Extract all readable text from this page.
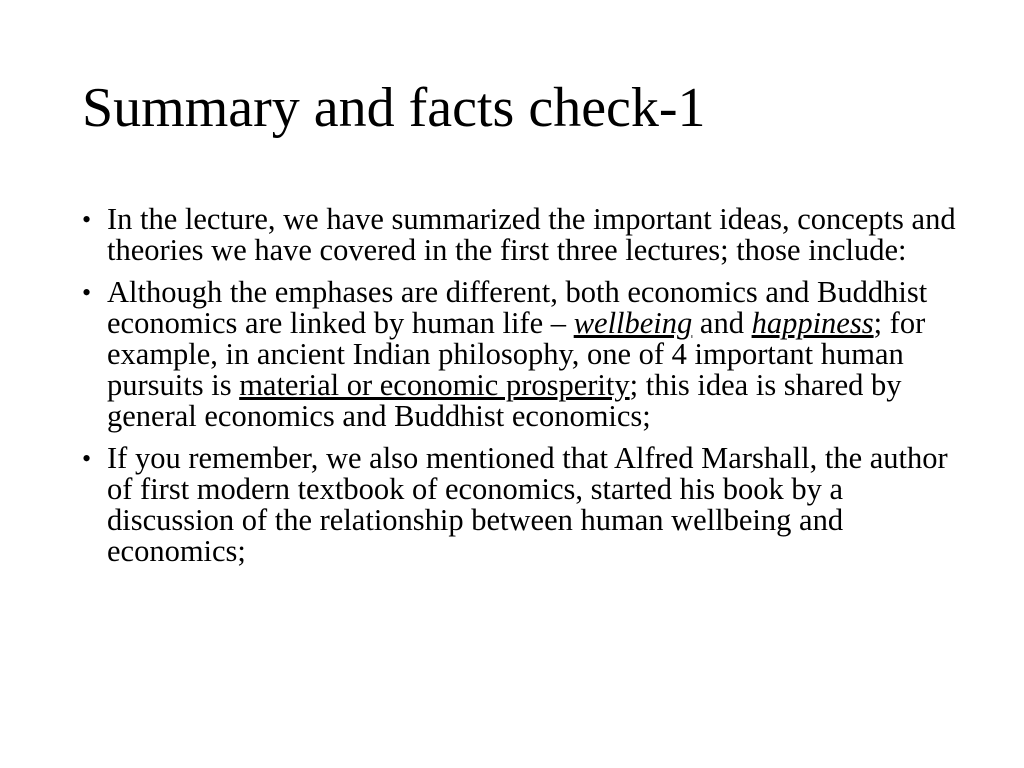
Summary and facts check-1
• In the lecture, we have summarized the important ideas, concepts and theories we have covered in the first three lectures; those include:
• Although the emphases are different, both economics and Buddhist economics are linked by human life – wellbeing and happiness; for example, in ancient Indian philosophy, one of 4 important human pursuits is material or economic prosperity; this idea is shared by general economics and Buddhist economics;
• If you remember, we also mentioned that Alfred Marshall, the author of first modern textbook of economics, started his book by a discussion of the relationship between human wellbeing and economics;
